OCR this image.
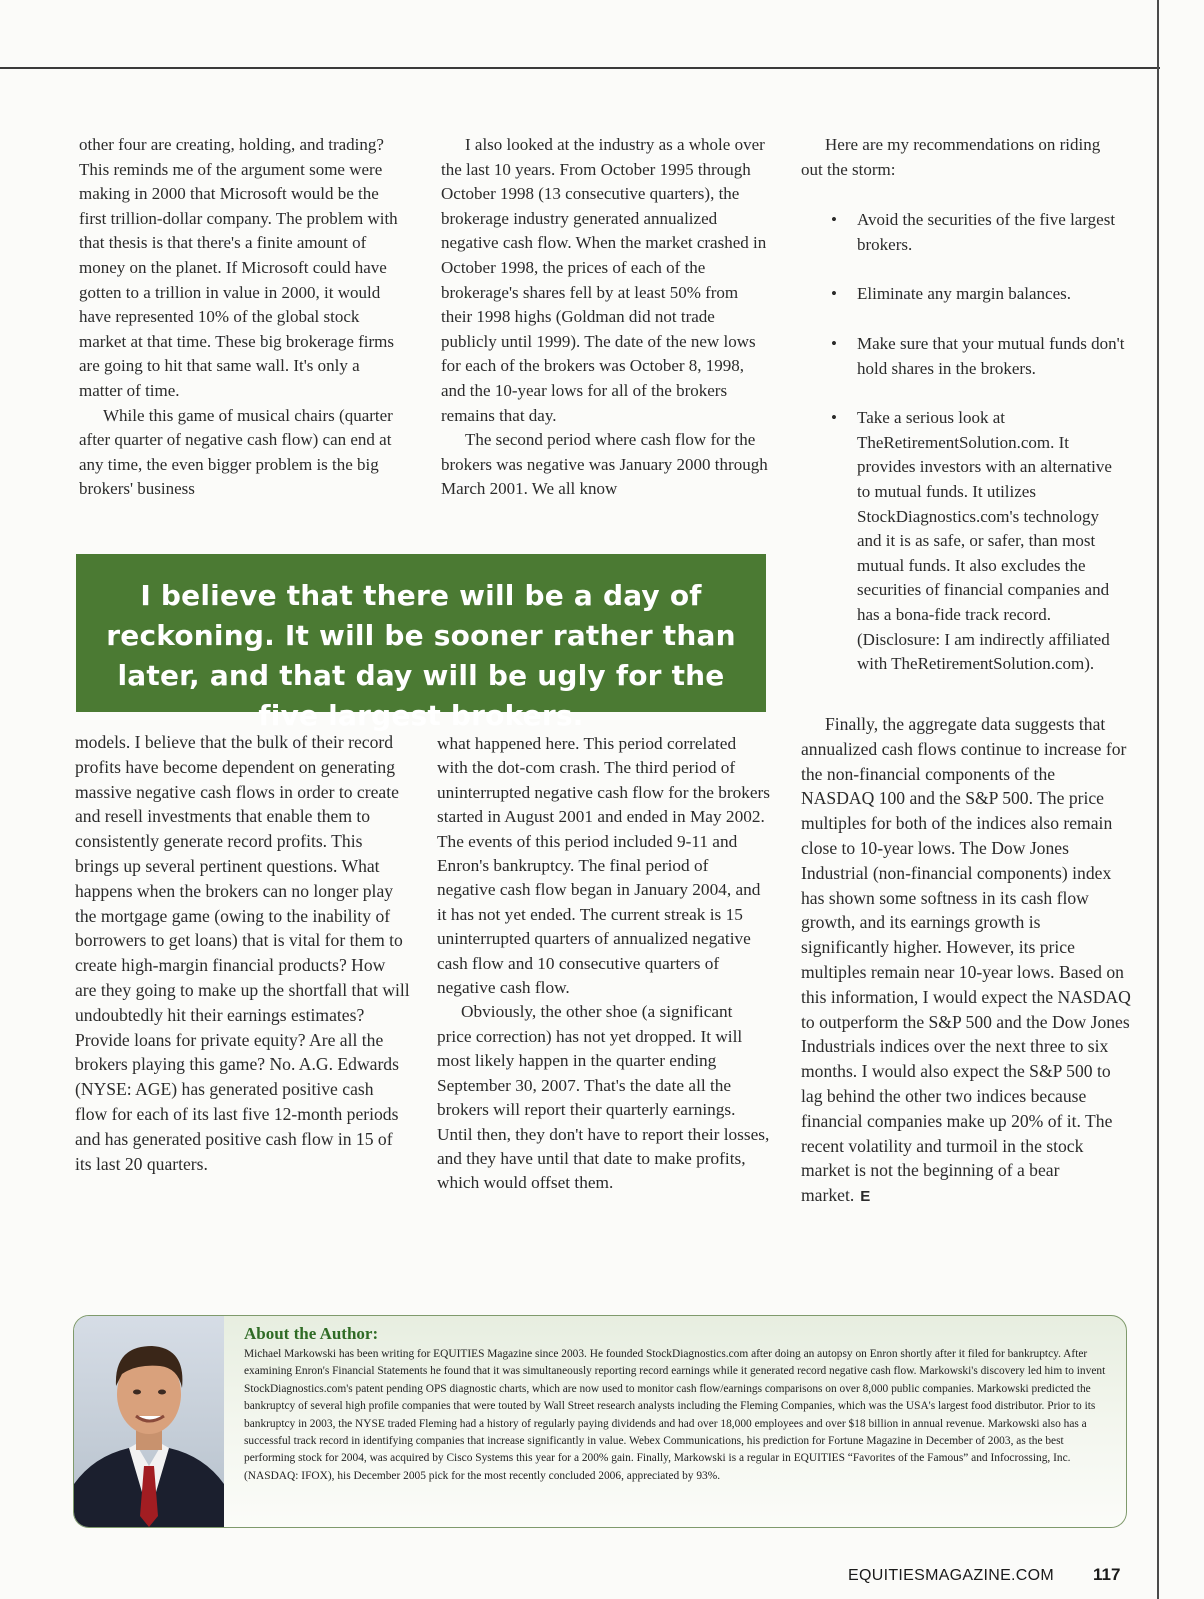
other four are creating, holding, and trading? This reminds me of the argument some were making in 2000 that Microsoft would be the first trillion-dollar company. The problem with that thesis is that there's a finite amount of money on the planet. If Microsoft could have gotten to a trillion in value in 2000, it would have represented 10% of the global stock market at that time. These big brokerage firms are going to hit that same wall. It's only a matter of time.

While this game of musical chairs (quarter after quarter of negative cash flow) can end at any time, the even bigger problem is the big brokers' business

I also looked at the industry as a whole over the last 10 years. From October 1995 through October 1998 (13 consecutive quarters), the brokerage industry generated annualized negative cash flow. When the market crashed in October 1998, the prices of each of the brokerage's shares fell by at least 50% from their 1998 highs (Goldman did not trade publicly until 1999). The date of the new lows for each of the brokers was October 8, 1998, and the 10-year lows for all of the brokers remains that day.

The second period where cash flow for the brokers was negative was January 2000 through March 2001. We all know

Here are my recommendations on riding out the storm:

• Avoid the securities of the five largest brokers.
• Eliminate any margin balances.
• Make sure that your mutual funds don't hold shares in the brokers.
• Take a serious look at TheRetirementSolution.com. It provides investors with an alternative to mutual funds. It utilizes StockDiagnostics.com's technology and it is as safe, or safer, than most mutual funds. It also excludes the securities of financial companies and has a bona-fide track record. (Disclosure: I am indirectly affiliated with TheRetirementSolution.com).
I believe that there will be a day of reckoning. It will be sooner rather than later, and that day will be ugly for the five largest brokers.

models. I believe that the bulk of their record profits have become dependent on generating massive negative cash flows in order to create and resell investments that enable them to consistently generate record profits. This brings up several pertinent questions. What happens when the brokers can no longer play the mortgage game (owing to the inability of borrowers to get loans) that is vital for them to create high-margin financial products? How are they going to make up the shortfall that will undoubtedly hit their earnings estimates? Provide loans for private equity? Are all the brokers playing this game? No. A.G. Edwards (NYSE: AGE) has generated positive cash flow for each of its last five 12-month periods and has generated positive cash flow in 15 of its last 20 quarters.

what happened here. This period correlated with the dot-com crash. The third period of uninterrupted negative cash flow for the brokers started in August 2001 and ended in May 2002. The events of this period included 9-11 and Enron's bankruptcy. The final period of negative cash flow began in January 2004, and it has not yet ended. The current streak is 15 uninterrupted quarters of annualized negative cash flow and 10 consecutive quarters of negative cash flow.

Obviously, the other shoe (a significant price correction) has not yet dropped. It will most likely happen in the quarter ending September 30, 2007. That's the date all the brokers will report their quarterly earnings. Until then, they don't have to report their losses, and they have until that date to make profits, which would offset them.

Finally, the aggregate data suggests that annualized cash flows continue to increase for the non-financial components of the NASDAQ 100 and the S&P 500. The price multiples for both of the indices also remain close to 10-year lows. The Dow Jones Industrial (non-financial components) index has shown some softness in its cash flow growth, and its earnings growth is significantly higher. However, its price multiples remain near 10-year lows. Based on this information, I would expect the NASDAQ to outperform the S&P 500 and the Dow Jones Industrials indices over the next three to six months. I would also expect the S&P 500 to lag behind the other two indices because financial companies make up 20% of it. The recent volatility and turmoil in the stock market is not the beginning of a bear market. E

About the Author:

Michael Markowski has been writing for EQUITIES Magazine since 2003. He founded StockDiagnostics.com after doing an autopsy on Enron shortly after it filed for bankruptcy. After examining Enron's Financial Statements he found that it was simultaneously reporting record earnings while it generated record negative cash flow. Markowski's discovery led him to invent StockDiagnostics.com's patent pending OPS diagnostic charts, which are now used to monitor cash flow/earnings comparisons on over 8,000 public companies. Markowski predicted the bankruptcy of several high profile companies that were touted by Wall Street research analysts including the Fleming Companies, which was the USA's largest food distributor. Prior to its bankruptcy in 2003, the NYSE traded Fleming had a history of regularly paying dividends and had over 18,000 employees and over $18 billion in annual revenue. Markowski also has a successful track record in identifying companies that increase significantly in value. Webex Communications, his prediction for Fortune Magazine in December of 2003, as the best performing stock for 2004, was acquired by Cisco Systems this year for a 200% gain. Finally, Markowski is a regular in EQUITIES “Favorites of the Famous” and Infocrossing, Inc. (NASDAQ: IFOX), his December 2005 pick for the most recently concluded 2006, appreciated by 93%.

EQUITIESMAGAZINE.COM 117
